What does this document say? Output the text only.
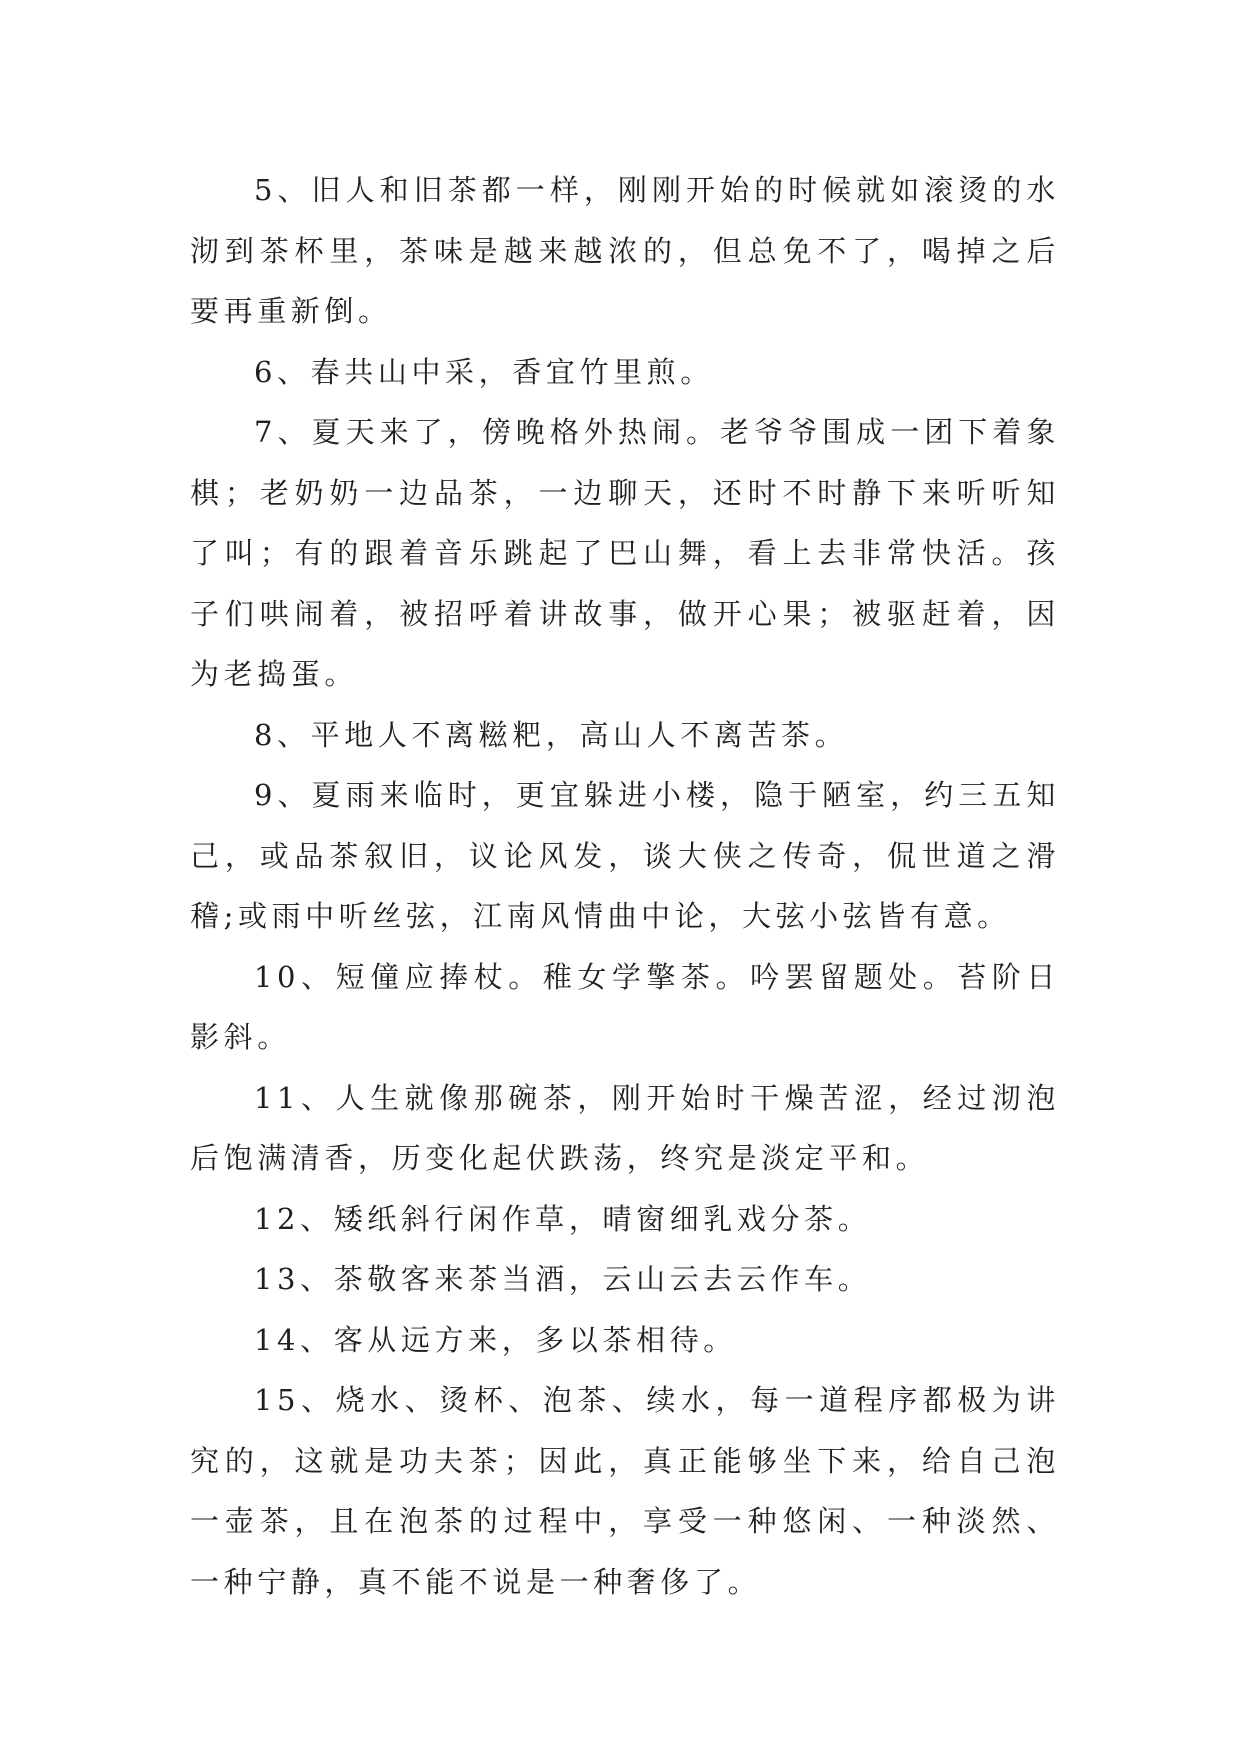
5、旧人和旧茶都一样，刚刚开始的时候就如滚烫的水沏到茶杯里，茶味是越来越浓的，但总免不了，喝掉之后要再重新倒。

6、春共山中采，香宜竹里煎。

7、夏天来了，傍晚格外热闹。老爷爷围成一团下着象棋；老奶奶一边品茶，一边聊天，还时不时静下来听听知了叫；有的跟着音乐跳起了巴山舞，看上去非常快活。孩子们哄闹着，被招呼着讲故事，做开心果；被驱赶着，因为老捣蛋。

8、平地人不离糍粑，高山人不离苦茶。

9、夏雨来临时，更宜躲进小楼，隐于陋室，约三五知己，或品茶叙旧，议论风发，谈大侠之传奇，侃世道之滑稽;或雨中听丝弦，江南风情曲中论，大弦小弦皆有意。

10、短僮应捧杖。稚女学擎茶。吟罢留题处。苔阶日影斜。

11、人生就像那碗茶，刚开始时干燥苦涩，经过沏泡后饱满清香，历变化起伏跌荡，终究是淡定平和。

12、矮纸斜行闲作草，晴窗细乳戏分茶。

13、茶敬客来茶当酒，云山云去云作车。

14、客从远方来，多以茶相待。

15、烧水、烫杯、泡茶、续水，每一道程序都极为讲究的，这就是功夫茶；因此，真正能够坐下来，给自己泡一壶茶，且在泡茶的过程中，享受一种悠闲、一种淡然、一种宁静，真不能不说是一种奢侈了。
